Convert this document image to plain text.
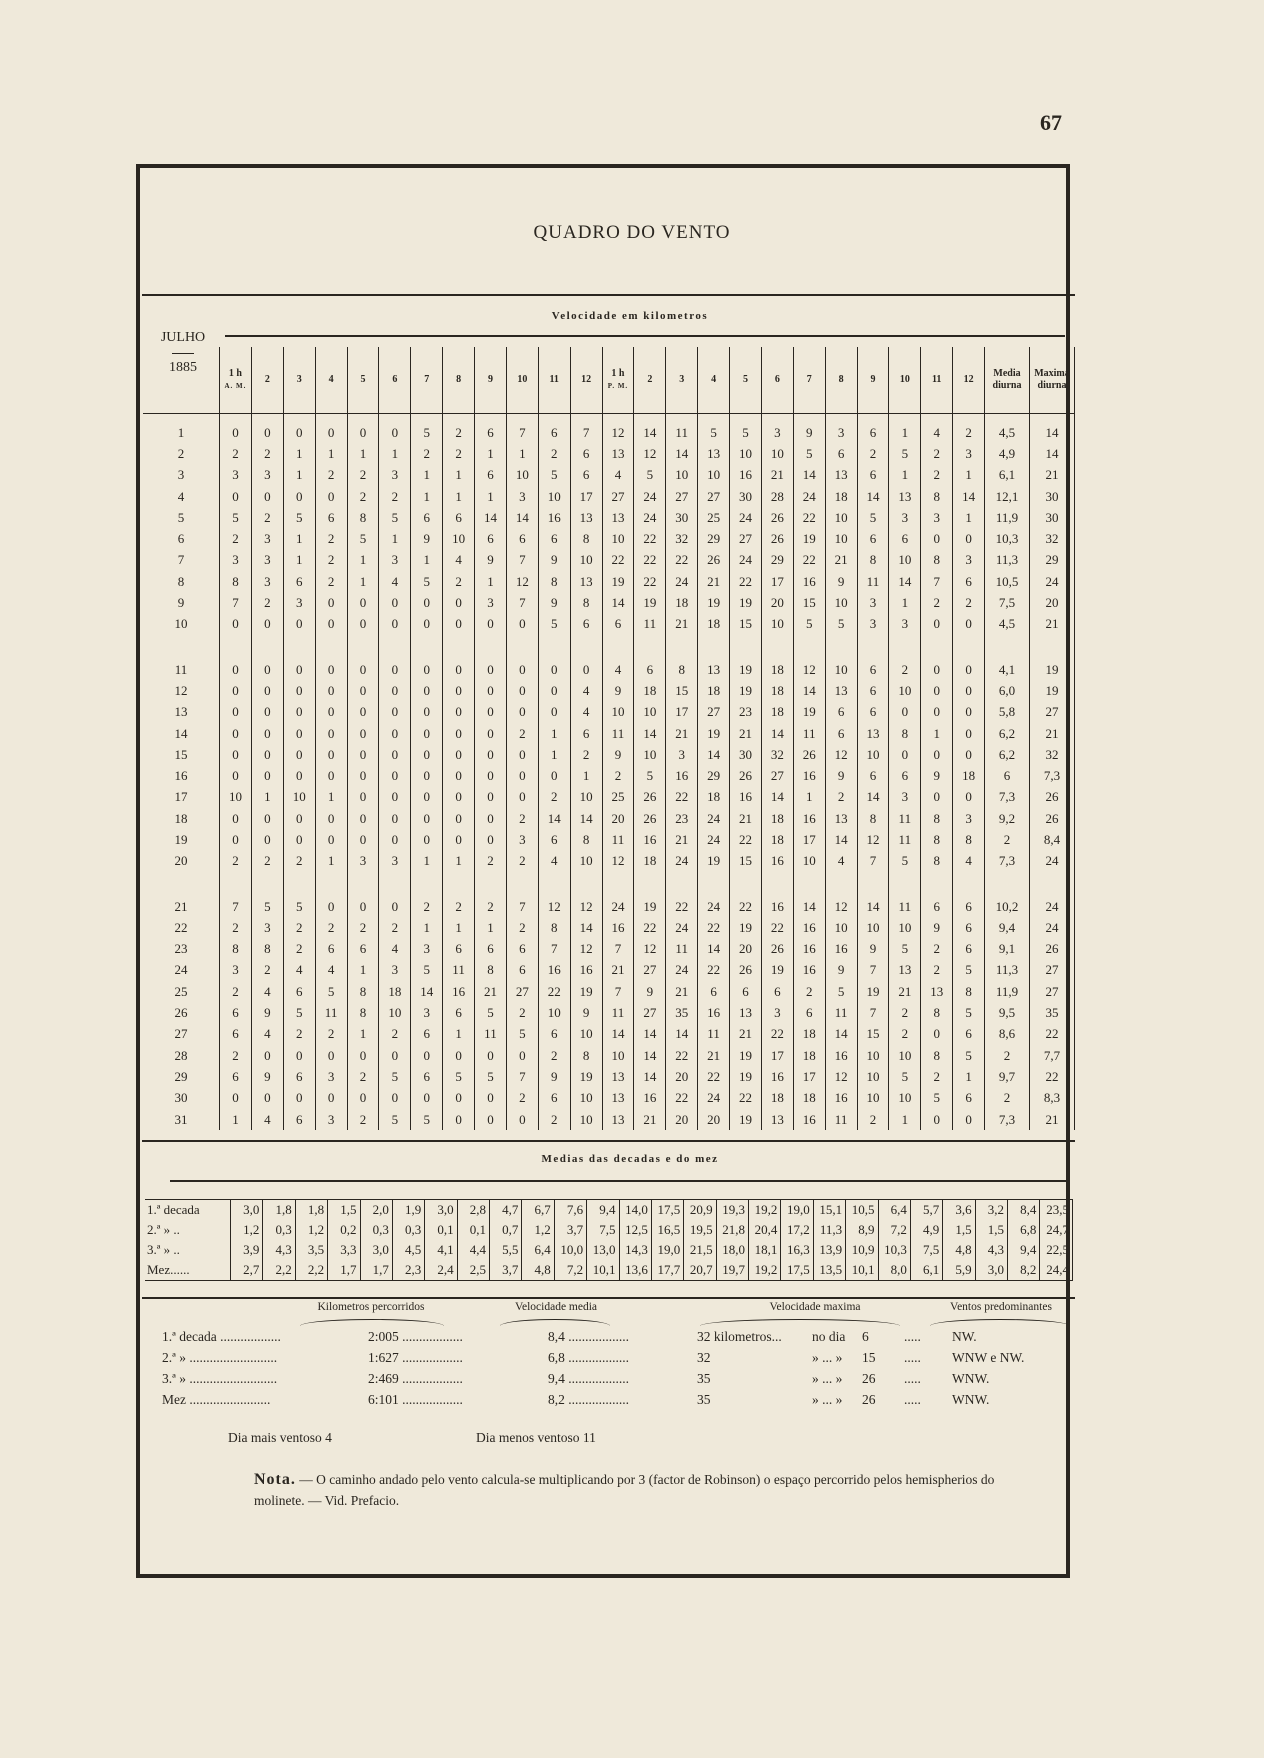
67
QUADRO DO VENTO
Velocidade em kilometros
JULHO
1885
		1 h
A. M.	2	3	4	5	6	7	8	9	10	11	12	1 h
P. M.	2	3	4	5	6	7	8	9	10	11	12	Media diurna	Maxima diurna
1	0	0	0	0	0	0	5	2	6	7	6	7	12	14	11	5	5	3	9	3	6	1	4	2	4,5	14
2	2	2	1	1	1	1	2	2	1	1	2	6	13	12	14	13	10	10	5	6	2	5	2	3	4,9	14
3	3	3	1	2	2	3	1	1	6	10	5	6	4	5	10	10	16	21	14	13	6	1	2	1	6,1	21
4	0	0	0	0	2	2	1	1	1	3	10	17	27	24	27	27	30	28	24	18	14	13	8	14	12,1	30
5	5	2	5	6	8	5	6	6	14	14	16	13	13	24	30	25	24	26	22	10	5	3	3	1	11,9	30
6	2	3	1	2	5	1	9	10	6	6	6	8	10	22	32	29	27	26	19	10	6	6	0	0	10,3	32
7	3	3	1	2	1	3	1	4	9	7	9	10	22	22	22	26	24	29	22	21	8	10	8	3	11,3	29
8	8	3	6	2	1	4	5	2	1	12	8	13	19	22	24	21	22	17	16	9	11	14	7	6	10,5	24
9	7	2	3	0	0	0	0	0	3	7	9	8	14	19	18	19	19	20	15	10	3	1	2	2	7,5	20
10	0	0	0	0	0	0	0	0	0	0	5	6	6	11	21	18	15	10	5	5	3	3	0	0	4,5	21

11	0	0	0	0	0	0	0	0	0	0	0	0	4	6	8	13	19	18	12	10	6	2	0	0	4,1	19
12	0	0	0	0	0	0	0	0	0	0	0	4	9	18	15	18	19	18	14	13	6	10	0	0	6,0	19
13	0	0	0	0	0	0	0	0	0	0	0	4	10	10	17	27	23	18	19	6	6	0	0	0	5,8	27
14	0	0	0	0	0	0	0	0	0	2	1	6	11	14	21	19	21	14	11	6	13	8	1	0	6,2	21
15	0	0	0	0	0	0	0	0	0	0	1	2	9	10	3	14	30	32	26	12	10	0	0	0	6,2	32
16	0	0	0	0	0	0	0	0	0	0	0	1	2	5	16	29	26	27	16	9	6	6	9	18	6	7,3
17	10	1	10	1	0	0	0	0	0	0	2	10	25	26	22	18	16	14	1	2	14	3	0	0	7,3	26
18	0	0	0	0	0	0	0	0	0	2	14	14	20	26	23	24	21	18	16	13	8	11	8	3	9,2	26
19	0	0	0	0	0	0	0	0	0	3	6	8	11	16	21	24	22	18	17	14	12	11	8	8	2	8,4
20	2	2	2	1	3	3	1	1	2	2	4	10	12	18	24	19	15	16	10	4	7	5	8	4	7,3	24

21	7	5	5	0	0	0	2	2	2	7	12	12	24	19	22	24	22	16	14	12	14	11	6	6	10,2	24
22	2	3	2	2	2	2	1	1	1	2	8	14	16	22	24	22	19	22	16	10	10	10	9	6	9,4	24
23	8	8	2	6	6	4	3	6	6	6	7	12	7	12	11	14	20	26	16	16	9	5	2	6	9,1	26
24	3	2	4	4	1	3	5	11	8	6	16	16	21	27	24	22	26	19	16	9	7	13	2	5	11,3	27
25	2	4	6	5	8	18	14	16	21	27	22	19	7	9	21	6	6	6	2	5	19	21	13	8	11,9	27
26	6	9	5	11	8	10	3	6	5	2	10	9	11	27	35	16	13	3	6	11	7	2	8	5	9,5	35
27	6	4	2	2	1	2	6	1	11	5	6	10	14	14	14	11	21	22	18	14	15	2	0	6	8,6	22
28	2	0	0	0	0	0	0	0	0	0	2	8	10	14	22	21	19	17	18	16	10	10	8	5	2	7,7
29	6	9	6	3	2	5	6	5	5	7	9	19	13	14	20	22	19	16	17	12	10	5	2	1	9,7	22
30	0	0	0	0	0	0	0	0	0	2	6	10	13	16	22	24	22	18	18	16	10	10	5	6	2	8,3
31	1	4	6	3	2	5	5	0	0	0	2	10	13	21	20	20	19	13	16	11	2	1	0	0	7,3	21
Medias das decadas e do mez
1.ª decada	3,0	1,8	1,8	1,5	2,0	1,9	3,0	2,8	4,7	6,7	7,6	9,4	14,0	17,5	20,9	19,3	19,2	19,0	15,1	10,5	6,4	5,7	3,6	3,2	8,4	23,5
2.ª » ..	1,2	0,3	1,2	0,2	0,3	0,3	0,1	0,1	0,7	1,2	3,7	7,5	12,5	16,5	19,5	21,8	20,4	17,2	11,3	8,9	7,2	4,9	1,5	1,5	6,8	24,7
3.ª » ..	3,9	4,3	3,5	3,3	3,0	4,5	4,1	4,4	5,5	6,4	10,0	13,0	14,3	19,0	21,5	18,0	18,1	16,3	13,9	10,9	10,3	7,5	4,8	4,3	9,4	22,5
Mez......	2,7	2,2	2,2	1,7	1,7	2,3	2,4	2,5	3,7	4,8	7,2	10,1	13,6	17,7	20,7	19,7	19,2	17,5	13,5	10,1	8,0	6,1	5,9	3,0	8,2	24,4
Kilometros percorridos	Velocidade media	Velocidade maxima	Ventos predominantes
1.ª decada ..................	2:005 ..................	8,4 ..................	32 kilometros... no dia 6	..... NW.
2.ª » ..........................	1:627 ..................	6,8 ..................	32	» ... » 15 ..... WNW e NW.
3.ª » ..........................	2:469 ..................	9,4 ..................	35	» ... » 26 ..... WNW.
Mez ........................	6:101 ..................	8,2 ..................	35	» ... » 26 ..... WNW.
Dia mais ventoso 4	Dia menos ventoso 11
Nota. — O caminho andado pelo vento calcula-se multiplicando por 3 (factor de Robinson) o espaço percorrido pelos hemispherios do molinete. — Vid. Prefacio.
